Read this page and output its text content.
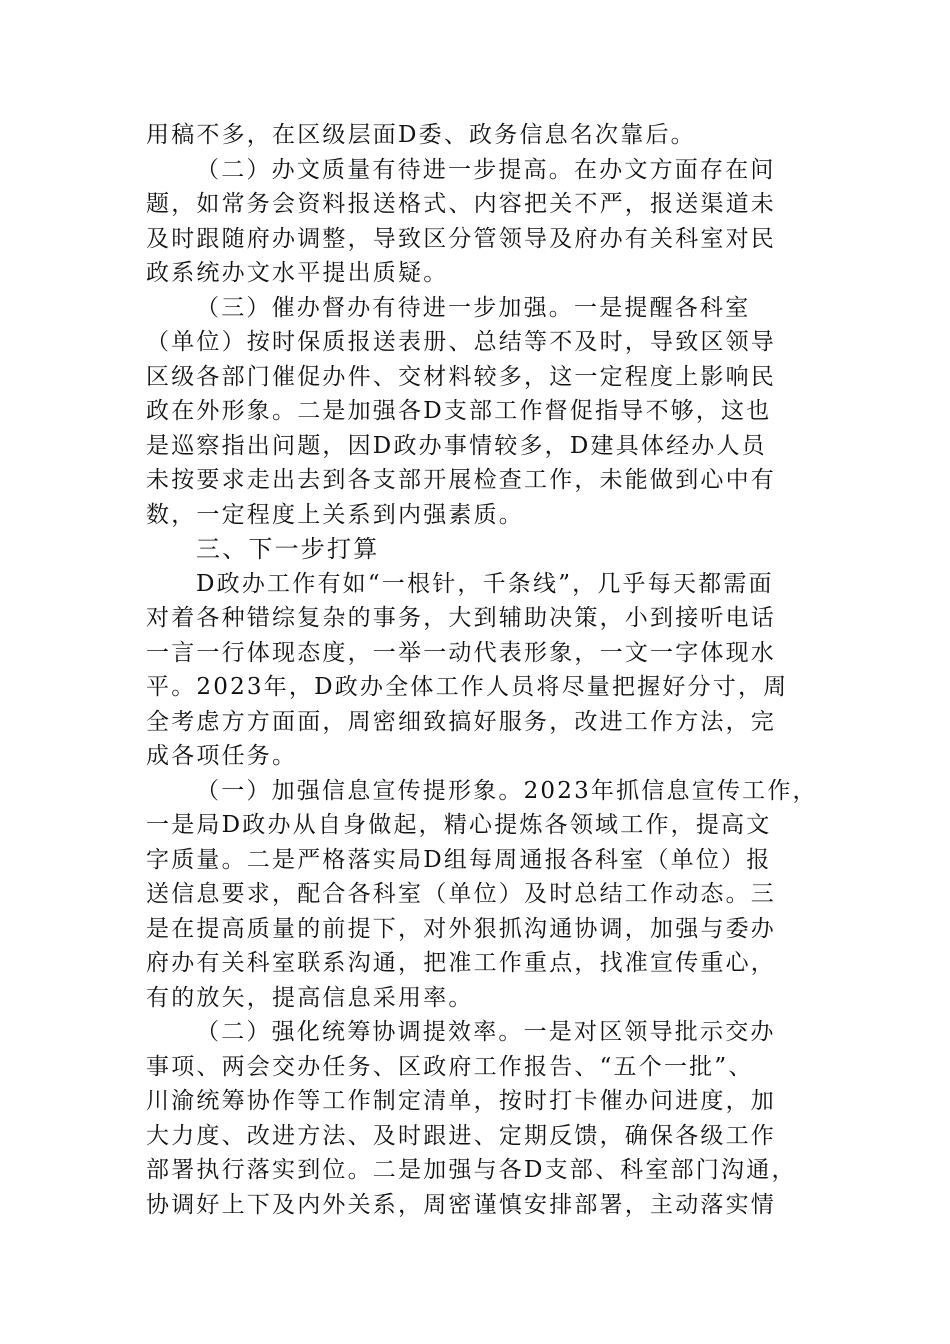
用稿不多，在区级层面D委、政务信息名次靠后。
（二）办文质量有待进一步提高。在办文方面存在问
题，如常务会资料报送格式、内容把关不严，报送渠道未
及时跟随府办调整，导致区分管领导及府办有关科室对民
政系统办文水平提出质疑。
（三）催办督办有待进一步加强。一是提醒各科室
（单位）按时保质报送表册、总结等不及时，导致区领导
区级各部门催促办件、交材料较多，这一定程度上影响民
政在外形象。二是加强各D支部工作督促指导不够，这也
是巡察指出问题，因D政办事情较多，D建具体经办人员
未按要求走出去到各支部开展检查工作，未能做到心中有
数，一定程度上关系到内强素质。
三、下一步打算
D政办工作有如“一根针，千条线”，几乎每天都需面
对着各种错综复杂的事务，大到辅助决策，小到接听电话
一言一行体现态度，一举一动代表形象，一文一字体现水
平。2023年，D政办全体工作人员将尽量把握好分寸，周
全考虑方方面面，周密细致搞好服务，改进工作方法，完
成各项任务。
（一）加强信息宣传提形象。2023年抓信息宣传工作，
一是局D政办从自身做起，精心提炼各领域工作，提高文
字质量。二是严格落实局D组每周通报各科室（单位）报
送信息要求，配合各科室（单位）及时总结工作动态。三
是在提高质量的前提下，对外狠抓沟通协调，加强与委办
府办有关科室联系沟通，把准工作重点，找准宣传重心，
有的放矢，提高信息采用率。
（二）强化统筹协调提效率。一是对区领导批示交办
事项、两会交办任务、区政府工作报告、“五个一批”、
川渝统筹协作等工作制定清单，按时打卡催办问进度，加
大力度、改进方法、及时跟进、定期反馈，确保各级工作
部署执行落实到位。二是加强与各D支部、科室部门沟通，
协调好上下及内外关系，周密谨慎安排部署，主动落实情
